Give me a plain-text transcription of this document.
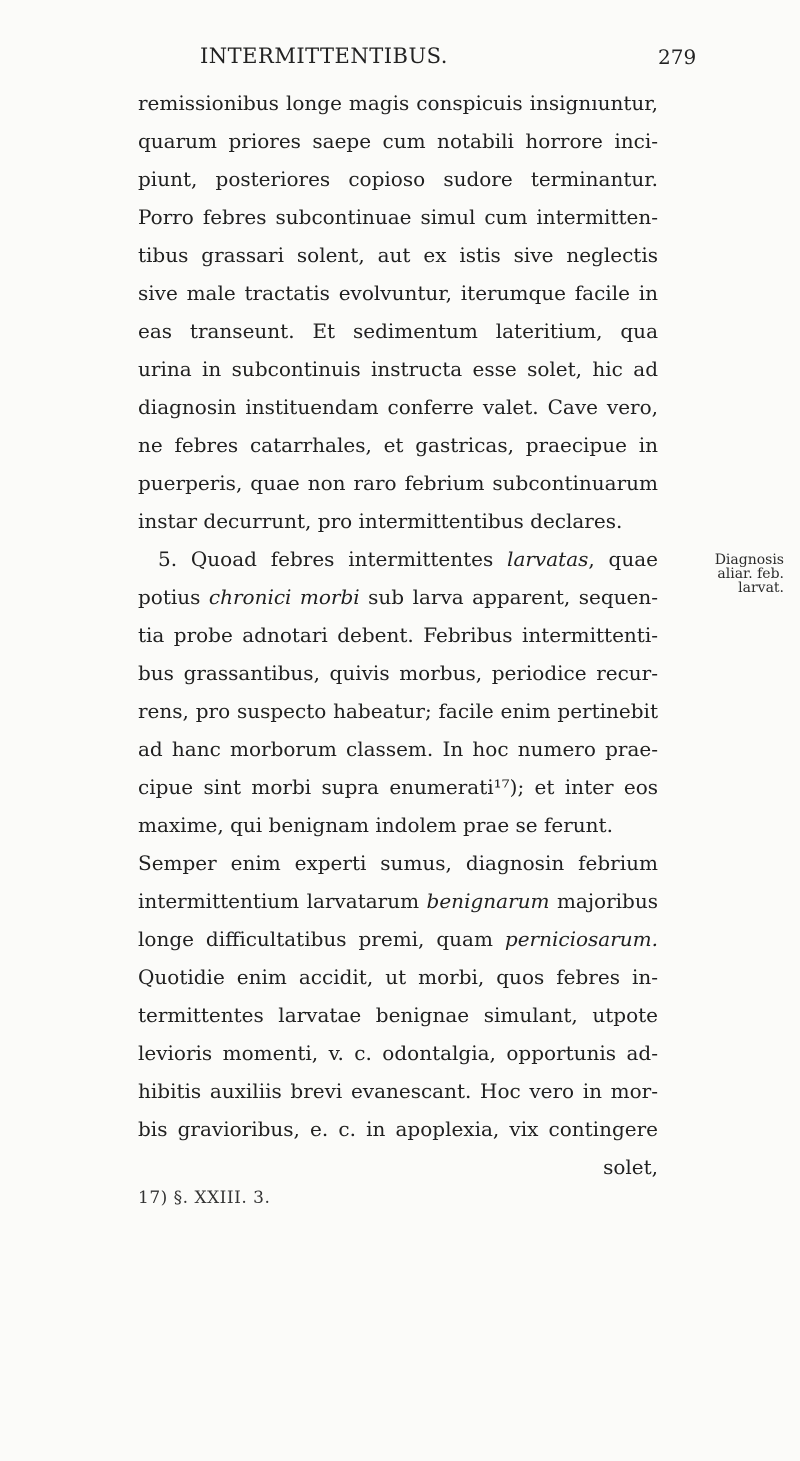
INTERMITTENTIBUS.	279
remissionibus longe magis conspicuis insignıuntur,
quarum priores saepe cum notabili horrore inci-
piunt, posteriores copioso sudore terminantur.
Porro febres subcontinuae simul cum intermitten-
tibus grassari solent, aut ex istis sive neglectis
sive male tractatis evolvuntur, iterumque facile in
eas transeunt. Et sedimentum lateritium, qua
urina in subcontinuis instructa esse solet, hic ad
diagnosin instituendam conferre valet. Cave vero,
ne febres catarrhales, et gastricas, praecipue in
puerperis, quae non raro febrium subcontinuarum
instar decurrunt, pro intermittentibus declares.
5. Quoad febres intermittentes larvatas, quae
potius chronici morbi sub larva apparent, sequen-
tia probe adnotari debent. Febribus intermittenti-
bus grassantibus, quivis morbus, periodice recur-
rens, pro suspecto habeatur; facile enim pertinebit
ad hanc morborum classem. In hoc numero prae-
cipue sint morbi supra enumerati¹⁷); et inter eos
maxime, qui benignam indolem prae se ferunt.
Semper enim experti sumus, diagnosin febrium
intermittentium larvatarum benignarum majoribus
longe difficultatibus premi, quam perniciosarum.
Quotidie enim accidit, ut morbi, quos febres in-
termittentes larvatae benignae simulant, utpote
levioris momenti, v. c. odontalgia, opportunis ad-
hibitis auxiliis brevi evanescant. Hoc vero in mor-
bis gravioribus, e. c. in apoplexia, vix contingere
solet,
Diagnosis
aliar. feb.
larvat.
17) §. XXIII. 3.
